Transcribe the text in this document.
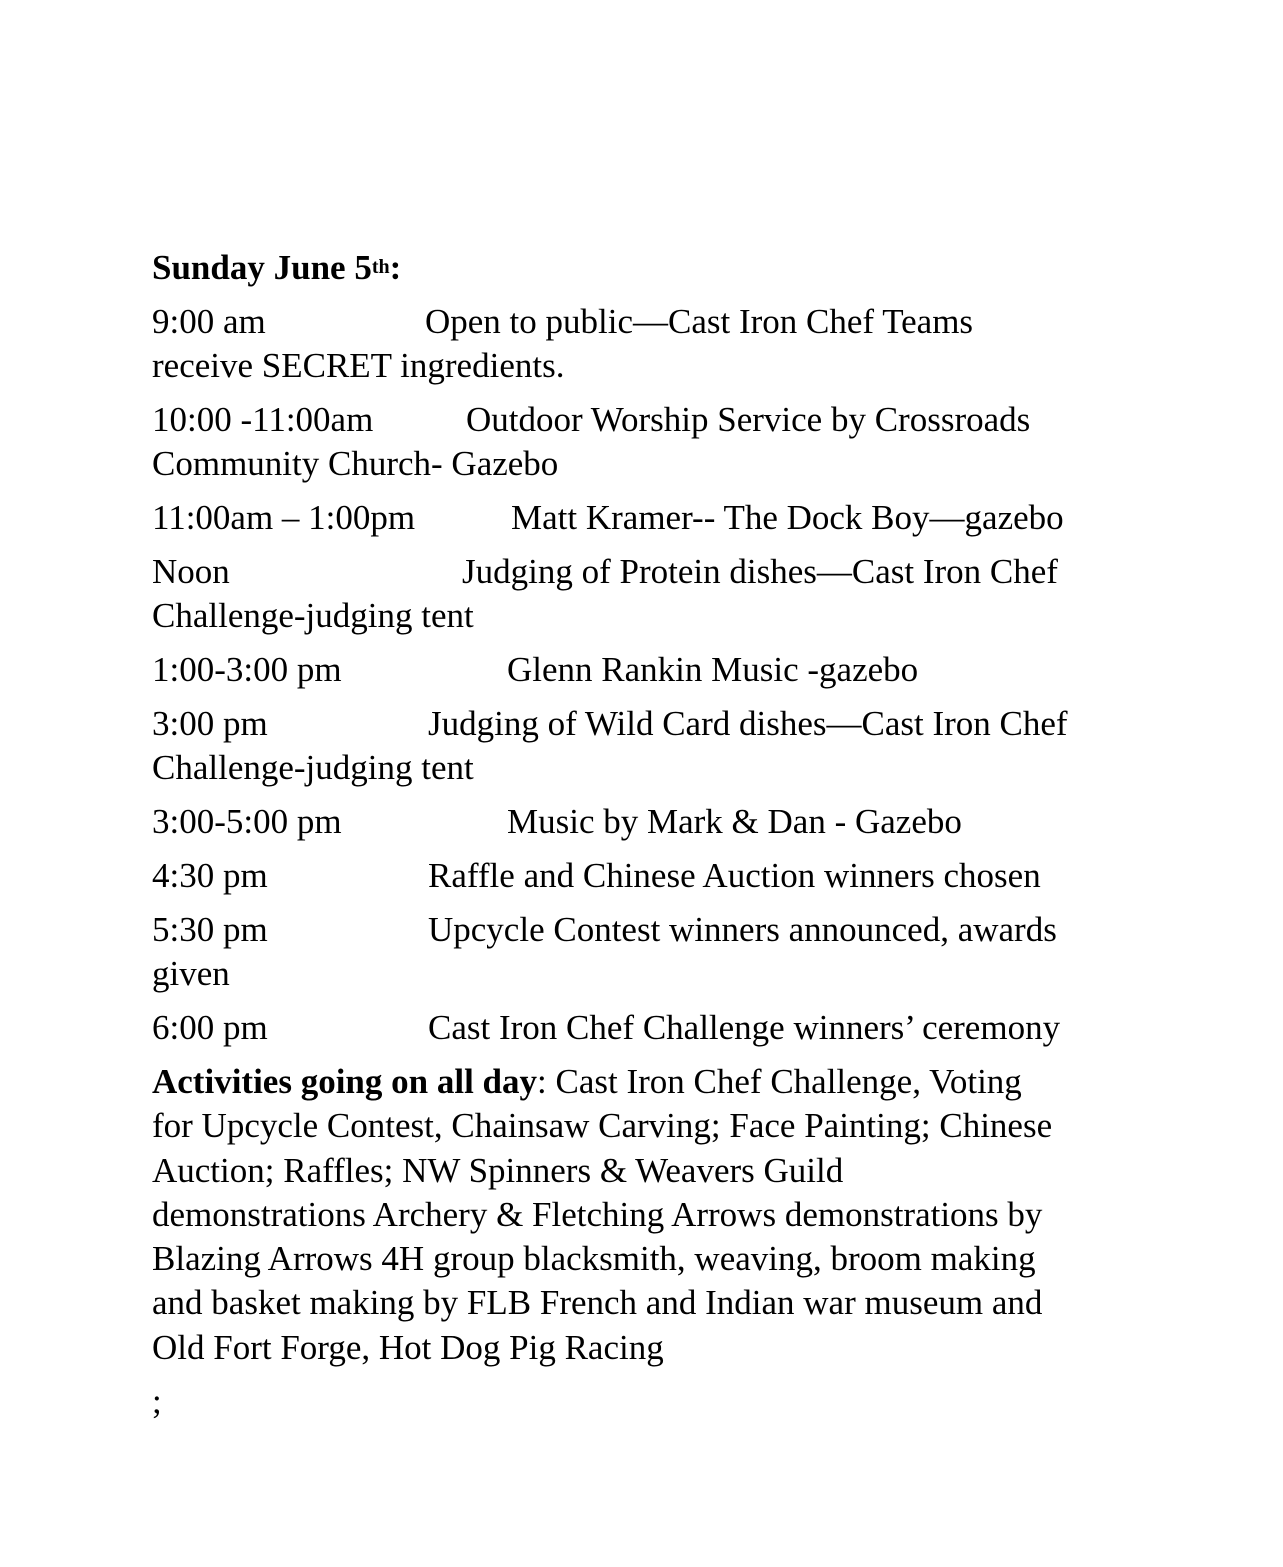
Sunday June 5th:
9:00 am	Open to public—Cast Iron Chef Teams
receive SECRET ingredients.
10:00 -11:00am	Outdoor Worship Service by Crossroads
Community Church- Gazebo
11:00am – 1:00pm	Matt Kramer-- The Dock Boy—gazebo
Noon	Judging of Protein dishes—Cast Iron Chef
Challenge-judging tent
1:00-3:00 pm	Glenn Rankin Music -gazebo
3:00 pm	Judging of Wild Card dishes—Cast Iron Chef
Challenge-judging tent
3:00-5:00 pm	Music by Mark & Dan - Gazebo
4:30 pm	Raffle and Chinese Auction winners chosen
5:30 pm	Upcycle Contest winners announced, awards
given
6:00 pm	Cast Iron Chef Challenge winners’ ceremony
Activities going on all day: Cast Iron Chef Challenge, Voting
for Upcycle Contest, Chainsaw Carving; Face Painting; Chinese
Auction; Raffles; NW Spinners & Weavers Guild
demonstrations Archery & Fletching Arrows demonstrations by
Blazing Arrows 4H group blacksmith, weaving, broom making
and basket making by FLB French and Indian war museum and
Old Fort Forge, Hot Dog Pig Racing
;
